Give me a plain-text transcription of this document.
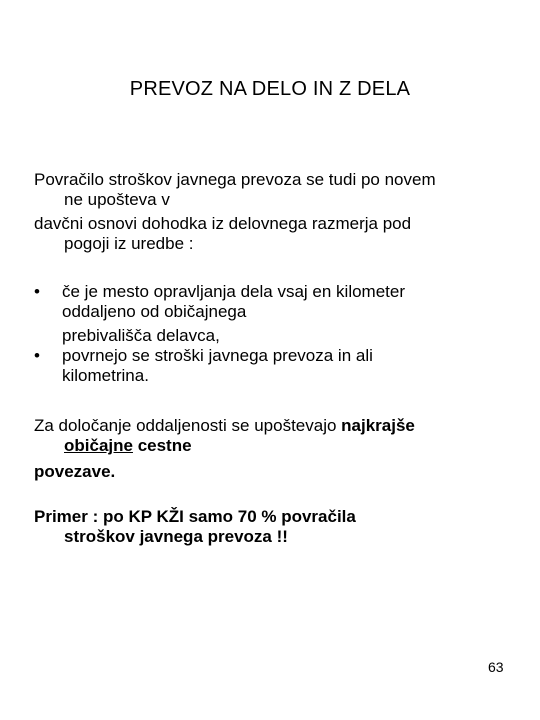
PREVOZ NA DELO IN Z DELA
Povračilo stroškov javnega prevoza se tudi po novem
ne upošteva v
davčni osnovi dohodka iz delovnega razmerja pod
pogoji iz uredbe :
• če je mesto opravljanja dela vsaj en kilometer
oddaljeno od običajnega
prebivališča delavca,
• povrnejo se stroški javnega prevoza in ali
kilometrina.
Za določanje oddaljenosti se upoštevajo najkrajše
običajne cestne
povezave.
Primer : po KP KŽI samo 70 % povračila
stroškov javnega prevoza !!
63
